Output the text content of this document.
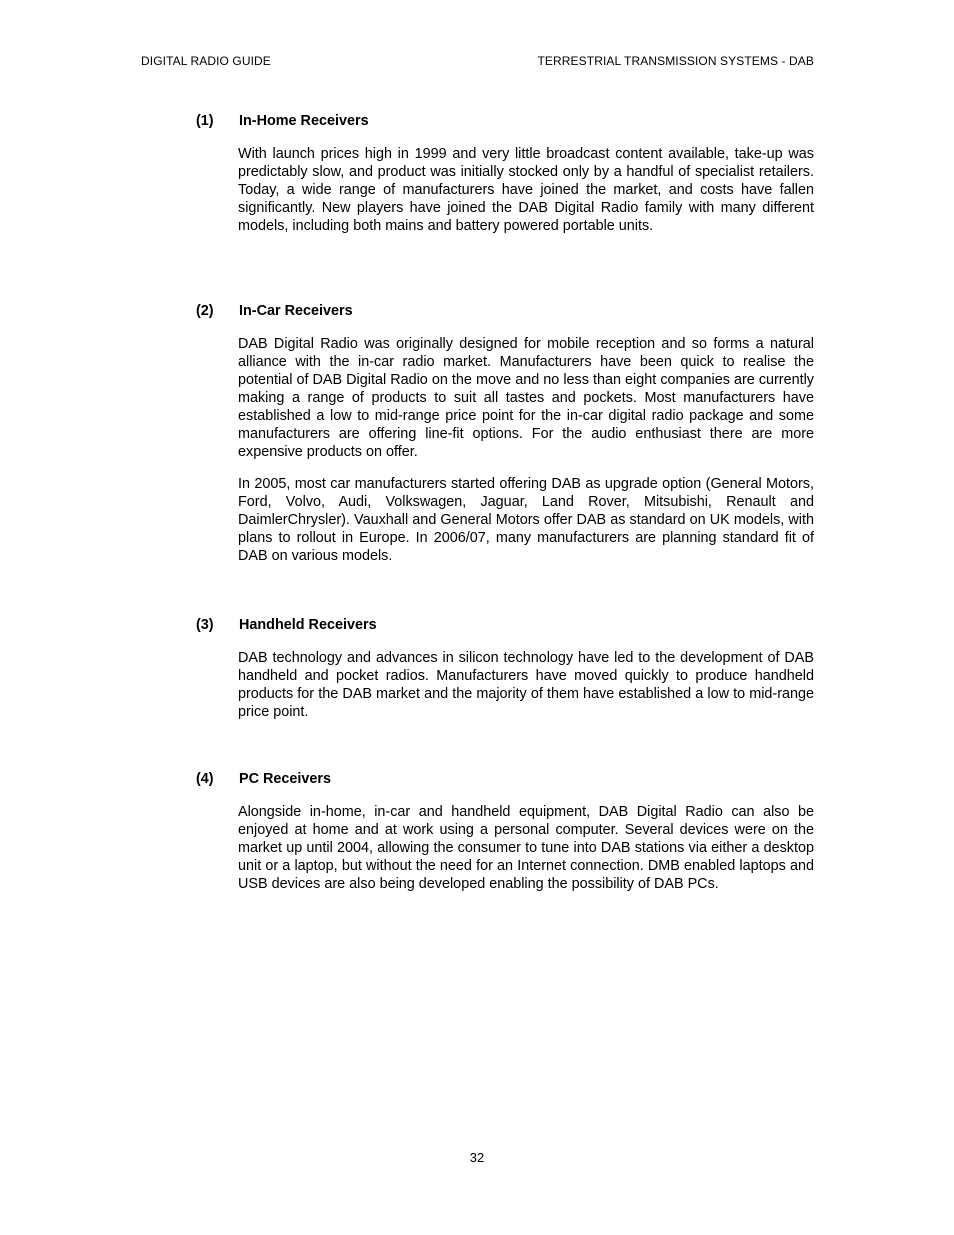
DIGITAL RADIO GUIDE	TERRESTRIAL TRANSMISSION SYSTEMS - DAB
(1)	In-Home Receivers

With launch prices high in 1999 and very little broadcast content available, take-up was predictably slow, and product was initially stocked only by a handful of specialist retailers. Today, a wide range of manufacturers have joined the market, and costs have fallen significantly. New players have joined the DAB Digital Radio family with many different models, including both mains and battery powered portable units.

(2)	In-Car Receivers

DAB Digital Radio was originally designed for mobile reception and so forms a natural alliance with the in-car radio market. Manufacturers have been quick to realise the potential of DAB Digital Radio on the move and no less than eight companies are currently making a range of products to suit all tastes and pockets. Most manufacturers have established a low to mid-range price point for the in-car digital radio package and some manufacturers are offering line-fit options. For the audio enthusiast there are more expensive products on offer.

In 2005, most car manufacturers started offering DAB as upgrade option (General Motors, Ford, Volvo, Audi, Volkswagen, Jaguar, Land Rover, Mitsubishi, Renault and DaimlerChrysler). Vauxhall and General Motors offer DAB as standard on UK models, with plans to rollout in Europe. In 2006/07, many manufacturers are planning standard fit of DAB on various models.

(3)	Handheld Receivers

DAB technology and advances in silicon technology have led to the development of DAB handheld and pocket radios. Manufacturers have moved quickly to produce handheld products for the DAB market and the majority of them have established a low to mid-range price point.

(4)	PC Receivers

Alongside in-home, in-car and handheld equipment, DAB Digital Radio can also be enjoyed at home and at work using a personal computer. Several devices were on the market up until 2004, allowing the consumer to tune into DAB stations via either a desktop unit or a laptop, but without the need for an Internet connection. DMB enabled laptops and USB devices are also being developed enabling the possibility of DAB PCs.

32
